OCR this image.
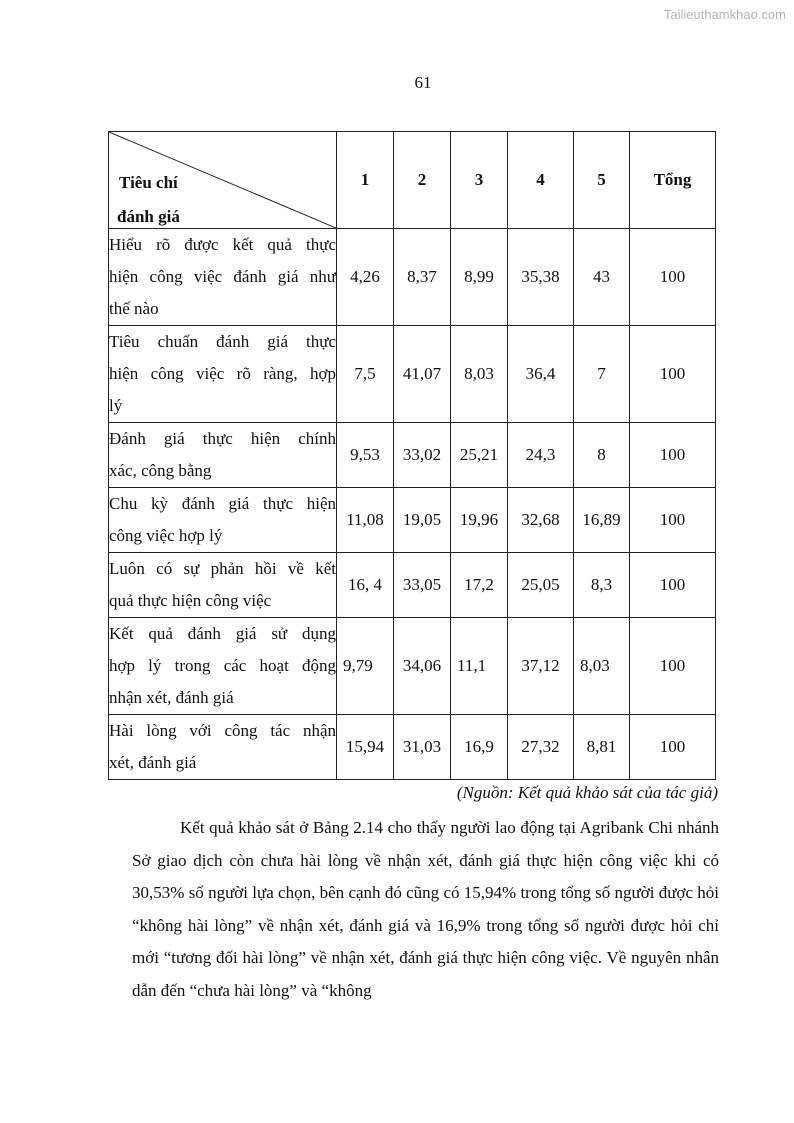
Tailieuthamkhao.com
61
Tiêu chí
đánh giá	1	2	3	4	5	Tổng

Hiểu rõ được kết quả thực
hiện công việc đánh giá như
thế nào	4,26	8,37	8,99	35,38	43	100

Tiêu chuẩn đánh giá thực
hiện công việc rõ ràng, hợp
lý	7,5	41,07	8,03	36,4	7	100

Đánh giá thực hiện chính
xác, công bằng	9,53	33,02	25,21	24,3	8	100

Chu kỳ đánh giá thực hiện
công việc hợp lý	11,08	19,05	19,96	32,68	16,89	100

Luôn có sự phản hồi về kết
quả thực hiện công việc	16, 4	33,05	17,2	25,05	8,3	100

Kết quả đánh giá sử dụng
hợp lý trong các hoạt động
nhận xét, đánh giá	9,79	34,06	11,1	37,12	8,03	100

Hài lòng với công tác nhận
xét, đánh giá	15,94	31,03	16,9	27,32	8,81	100
(Nguồn: Kết quả khảo sát của tác giả)

Kết quả khảo sát ở Bảng 2.14 cho thấy người lao động tại Agribank Chi nhánh Sở giao dịch còn chưa hài lòng về nhận xét, đánh giá thực hiện công việc khi có 30,53% số người lựa chọn, bên cạnh đó cũng có 15,94% trong tổng số người được hỏi “không hài lòng” về nhận xét, đánh giá và 16,9% trong tổng số người được hỏi chỉ mới “tương đối hài lòng” về nhận xét, đánh giá thực hiện công việc. Về nguyên nhân dẫn đến “chưa hài lòng” và “không
